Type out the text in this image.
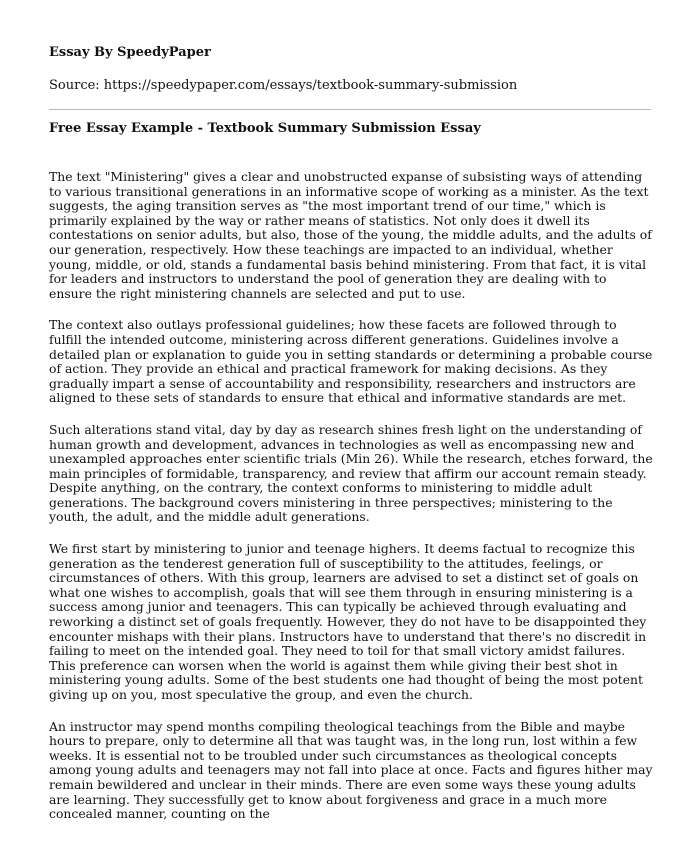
Essay By SpeedyPaper

Source: https://speedypaper.com/essays/textbook-summary-submission

Free Essay Example - Textbook Summary Submission Essay

The text "Ministering" gives a clear and unobstructed expanse of subsisting ways of attending to various transitional generations in an informative scope of working as a minister. As the text suggests, the aging transition serves as "the most important trend of our time," which is primarily explained by the way or rather means of statistics. Not only does it dwell its contestations on senior adults, but also, those of the young, the middle adults, and the adults of our generation, respectively. How these teachings are impacted to an individual, whether young, middle, or old, stands a fundamental basis behind ministering. From that fact, it is vital for leaders and instructors to understand the pool of generation they are dealing with to ensure the right ministering channels are selected and put to use.

The context also outlays professional guidelines; how these facets are followed through to fulfill the intended outcome, ministering across different generations. Guidelines involve a detailed plan or explanation to guide you in setting standards or determining a probable course of action. They provide an ethical and practical framework for making decisions. As they gradually impart a sense of accountability and responsibility, researchers and instructors are aligned to these sets of standards to ensure that ethical and informative standards are met.

Such alterations stand vital, day by day as research shines fresh light on the understanding of human growth and development, advances in technologies as well as encompassing new and unexampled approaches enter scientific trials (Min 26). While the research, etches forward, the main principles of formidable, transparency, and review that affirm our account remain steady. Despite anything, on the contrary, the context conforms to ministering to middle adult generations. The background covers ministering in three perspectives; ministering to the youth, the adult, and the middle adult generations.

We first start by ministering to junior and teenage highers. It deems factual to recognize this generation as the tenderest generation full of susceptibility to the attitudes, feelings, or circumstances of others. With this group, learners are advised to set a distinct set of goals on what one wishes to accomplish, goals that will see them through in ensuring ministering is a success among junior and teenagers. This can typically be achieved through evaluating and reworking a distinct set of goals frequently. However, they do not have to be disappointed they encounter mishaps with their plans. Instructors have to understand that there's no discredit in failing to meet on the intended goal. They need to toil for that small victory amidst failures. This preference can worsen when the world is against them while giving their best shot in ministering young adults. Some of the best students one had thought of being the most potent giving up on you, most speculative the group, and even the church.

An instructor may spend months compiling theological teachings from the Bible and maybe hours to prepare, only to determine all that was taught was, in the long run, lost within a few weeks. It is essential not to be troubled under such circumstances as theological concepts among young adults and teenagers may not fall into place at once. Facts and figures hither may remain bewildered and unclear in their minds. There are even some ways these young adults are learning. They successfully get to know about forgiveness and grace in a much more concealed manner, counting on the
